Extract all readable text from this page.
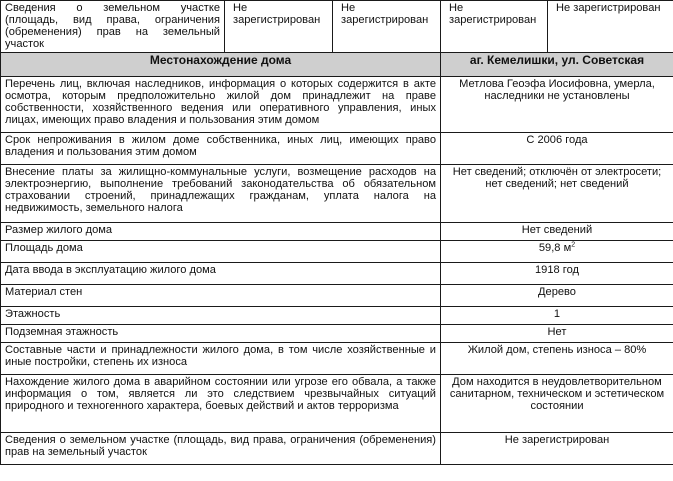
Сведения о земельном участке (площадь, вид права, ограничения (обременения) прав на земельный участок	Не зарегистрирован	Не зарегистрирован	Не зарегистрирован	Не зарегистрирован
Местонахождение дома			аг. Кемелишки, ул. Советская	
Перечень лиц, включая наследников, информация о которых содержится в акте осмотра, которым предположительно жилой дом принадлежит на праве собственности, хозяйственного ведения или оперативного управления, иных лицах, имеющих право владения и пользования этим домом			Метлова Геоэфа Иосифовна, умерла, наследники не установлены	
Срок непроживания в жилом доме собственника, иных лиц, имеющих право владения и пользования этим домом			С 2006 года	
Внесение платы за жилищно-коммунальные услуги, возмещение расходов на электроэнергию, выполнение требований законодательства об обязательном страховании строений, принадлежащих гражданам, уплата налога на недвижимость, земельного налога			Нет сведений; отключён от электросети; нет сведений; нет сведений	
Размер жилого дома			Нет сведений	
Площадь дома			59,8 $м^2$
Дата ввода в эксплуатацию жилого дома			1918 год	
Материал стен			Дерево	
Этажность			1	
Подземная этажность			Нет	
Составные части и принадлежности жилого дома, в том числе хозяйственные и иные постройки, степень их износа			Жилой дом, степень износа – 80%	
Нахождение жилого дома в аварийном состоянии или угрозе его обвала, а также информация о том, является ли это следствием чрезвычайных ситуаций природного и техногенного характера, боевых действий и актов терроризма			Дом находится в неудовлетворительном санитарном, техническом и эстетическом состоянии	
Сведения о земельном участке (площадь, вид права, ограничения (обременения) прав на земельный участок			Не зарегистрирован	
